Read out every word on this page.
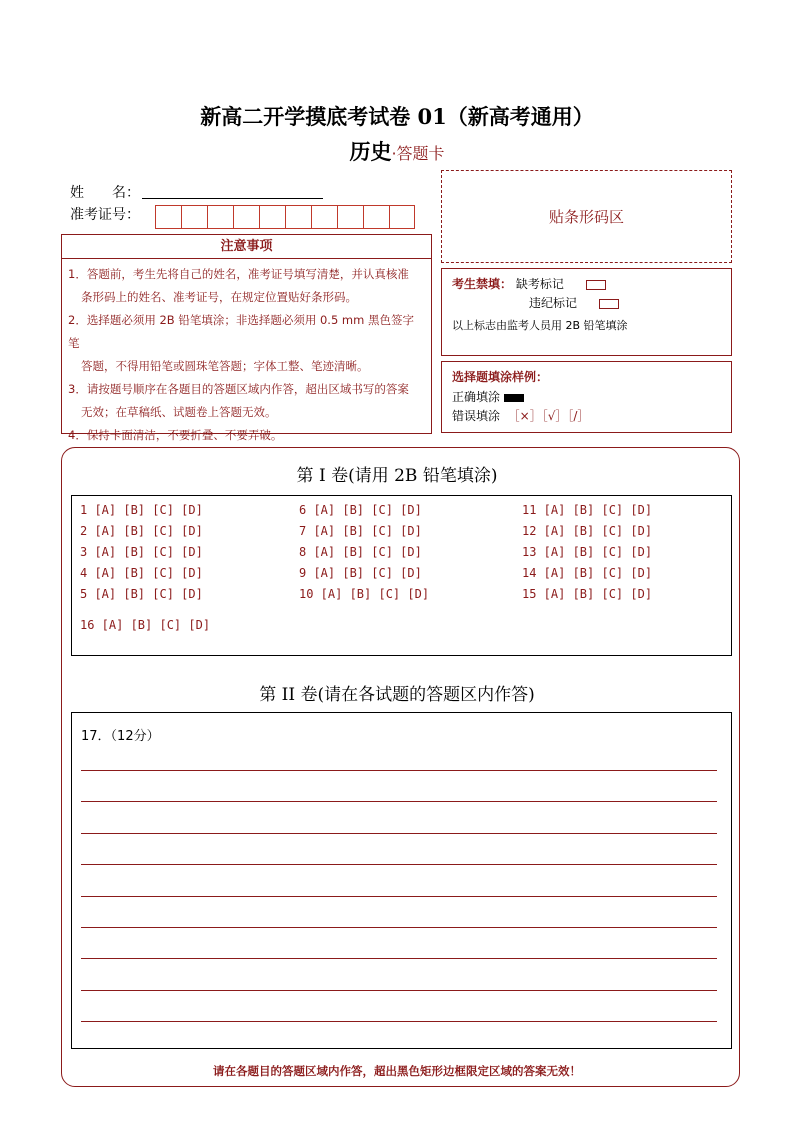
新高二开学摸底考试卷 01（新高考通用）
历史·答题卡
姓　　名：
准考证号：	贴条形码区
注意事项
1．答题前，考生先将自己的姓名，准考证号填写清楚，并认真核准
条形码上的姓名、准考证号，在规定位置贴好条形码。
2．选择题必须用 2B 铅笔填涂；非选择题必须用 0.5 mm 黑色签字笔
答题，不得用铅笔或圆珠笔答题；字体工整、笔迹清晰。
3．请按题号顺序在各题目的答题区域内作答，超出区域书写的答案
无效；在草稿纸、试题卷上答题无效。
4．保持卡面清洁，不要折叠、不要弄破。
考生禁填： 缺考标记
违纪标记
以上标志由监考人员用 2B 铅笔填涂
选择题填涂样例：
正确填涂
错误填涂 ［×］［√］［/］
第 I 卷(请用 2B 铅笔填涂)
1 [A] [B] [C] [D]
2 [A] [B] [C] [D]
3 [A] [B] [C] [D]
4 [A] [B] [C] [D]
5 [A] [B] [C] [D]
6 [A] [B] [C] [D]
7 [A] [B] [C] [D]
8 [A] [B] [C] [D]
9 [A] [B] [C] [D]
10 [A] [B] [C] [D]
11 [A] [B] [C] [D]
12 [A] [B] [C] [D]
13 [A] [B] [C] [D]
14 [A] [B] [C] [D]
15 [A] [B] [C] [D]
16 [A] [B] [C] [D]
第 II 卷(请在各试题的答题区内作答)
17．（12分）
请在各题目的答题区域内作答，超出黑色矩形边框限定区域的答案无效！
